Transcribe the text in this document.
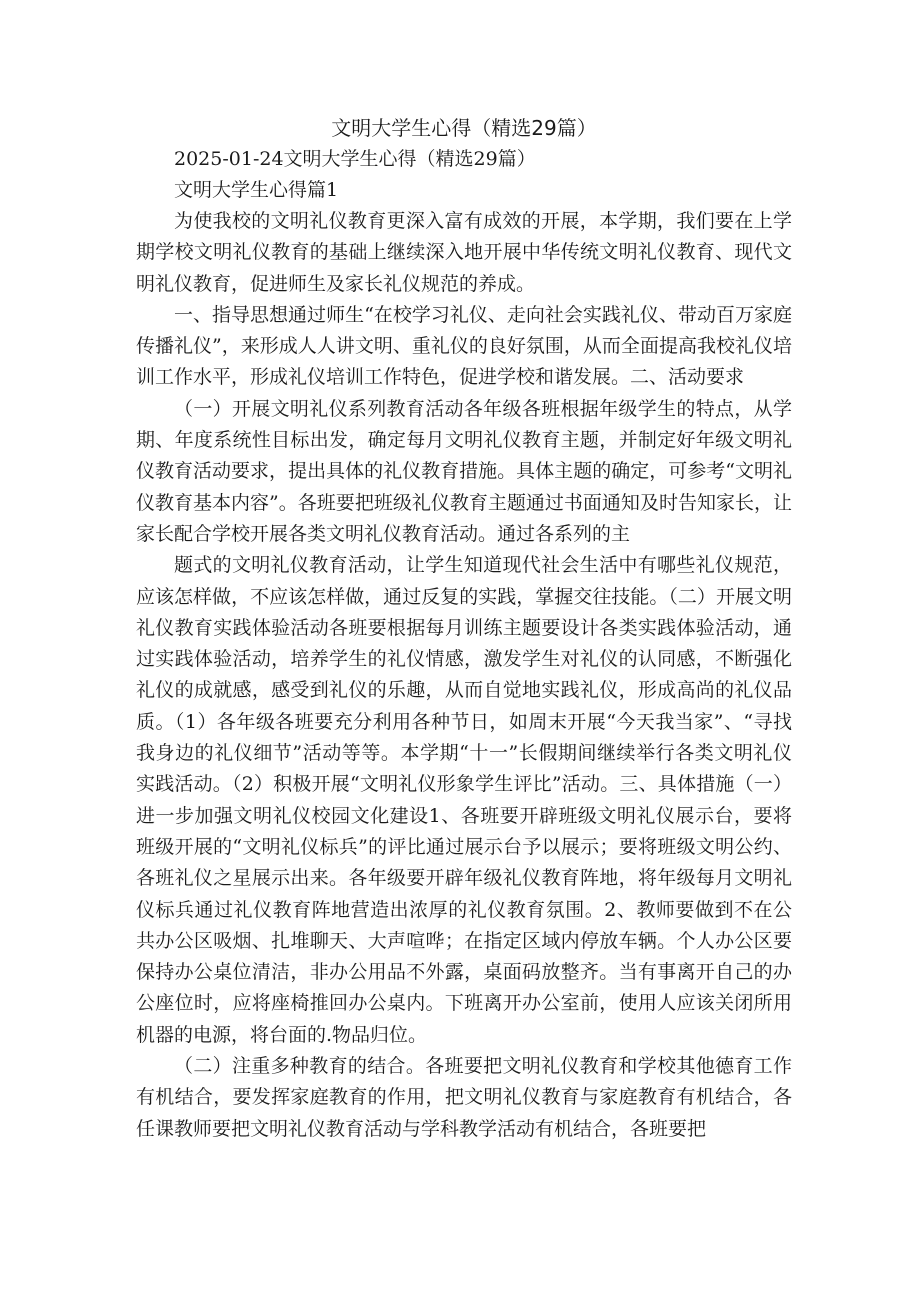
文明大学生心得（精选29篇）
2025-01-24文明大学生心得（精选29篇）
文明大学生心得篇1

为使我校的文明礼仪教育更深入富有成效的开展，本学期，我们要在上学期学校文明礼仪教育的基础上继续深入地开展中华传统文明礼仪教育、现代文明礼仪教育，促进师生及家长礼仪规范的养成。

一、指导思想通过师生“在校学习礼仪、走向社会实践礼仪、带动百万家庭传播礼仪”，来形成人人讲文明、重礼仪的良好氛围，从而全面提高我校礼仪培训工作水平，形成礼仪培训工作特色，促进学校和谐发展。二、活动要求

（一）开展文明礼仪系列教育活动各年级各班根据年级学生的特点，从学期、年度系统性目标出发，确定每月文明礼仪教育主题，并制定好年级文明礼仪教育活动要求，提出具体的礼仪教育措施。具体主题的确定，可参考“文明礼仪教育基本内容”。各班要把班级礼仪教育主题通过书面通知及时告知家长，让家长配合学校开展各类文明礼仪教育活动。通过各系列的主

题式的文明礼仪教育活动，让学生知道现代社会生活中有哪些礼仪规范，应该怎样做，不应该怎样做，通过反复的实践，掌握交往技能。（二）开展文明礼仪教育实践体验活动各班要根据每月训练主题要设计各类实践体验活动，通过实践体验活动，培养学生的礼仪情感，激发学生对礼仪的认同感，不断强化礼仪的成就感，感受到礼仪的乐趣，从而自觉地实践礼仪，形成高尚的礼仪品质。（1）各年级各班要充分利用各种节日，如周末开展“今天我当家”、“寻找我身边的礼仪细节”活动等等。本学期“十一”长假期间继续举行各类文明礼仪实践活动。（2）积极开展“文明礼仪形象学生评比”活动。三、具体措施（一）进一步加强文明礼仪校园文化建设1、各班要开辟班级文明礼仪展示台，要将班级开展的“文明礼仪标兵”的评比通过展示台予以展示；要将班级文明公约、各班礼仪之星展示出来。各年级要开辟年级礼仪教育阵地，将年级每月文明礼仪标兵通过礼仪教育阵地营造出浓厚的礼仪教育氛围。2、教师要做到不在公共办公区吸烟、扎堆聊天、大声喧哗；在指定区域内停放车辆。个人办公区要保持办公桌位清洁，非办公用品不外露，桌面码放整齐。当有事离开自己的办公座位时，应将座椅推回办公桌内。下班离开办公室前，使用人应该关闭所用机器的电源，将台面的.物品归位。

（二）注重多种教育的结合。各班要把文明礼仪教育和学校其他德育工作有机结合，要发挥家庭教育的作用，把文明礼仪教育与家庭教育有机结合，各任课教师要把文明礼仪教育活动与学科教学活动有机结合，各班要把
